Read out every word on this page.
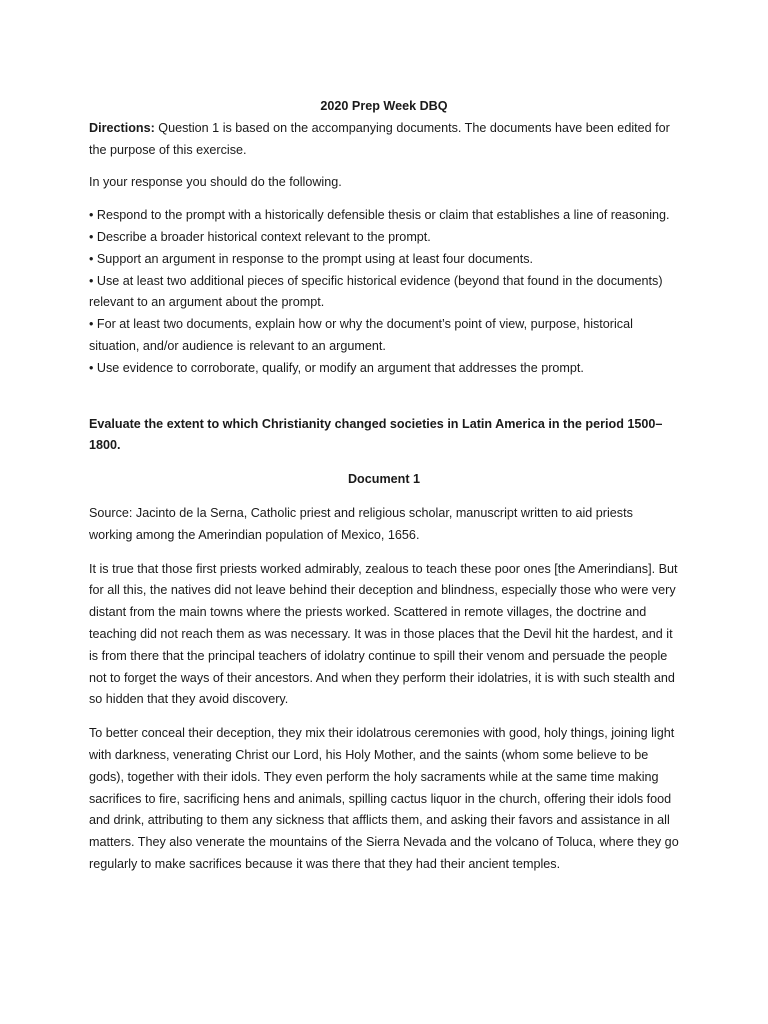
2020 Prep Week DBQ

Directions: Question 1 is based on the accompanying documents. The documents have been edited for the purpose of this exercise.

In your response you should do the following.

• Respond to the prompt with a historically defensible thesis or claim that establishes a line of reasoning.
• Describe a broader historical context relevant to the prompt.
• Support an argument in response to the prompt using at least four documents.
• Use at least two additional pieces of specific historical evidence (beyond that found in the documents) relevant to an argument about the prompt.
• For at least two documents, explain how or why the document’s point of view, purpose, historical situation, and/or audience is relevant to an argument.
• Use evidence to corroborate, qualify, or modify an argument that addresses the prompt.

Evaluate the extent to which Christianity changed societies in Latin America in the period 1500–1800.

Document 1

Source: Jacinto de la Serna, Catholic priest and religious scholar, manuscript written to aid priests working among the Amerindian population of Mexico, 1656.

It is true that those first priests worked admirably, zealous to teach these poor ones [the Amerindians]. But for all this, the natives did not leave behind their deception and blindness, especially those who were very distant from the main towns where the priests worked. Scattered in remote villages, the doctrine and teaching did not reach them as was necessary. It was in those places that the Devil hit the hardest, and it is from there that the principal teachers of idolatry continue to spill their venom and persuade the people not to forget the ways of their ancestors. And when they perform their idolatries, it is with such stealth and so hidden that they avoid discovery.

To better conceal their deception, they mix their idolatrous ceremonies with good, holy things, joining light with darkness, venerating Christ our Lord, his Holy Mother, and the saints (whom some believe to be gods), together with their idols. They even perform the holy sacraments while at the same time making sacrifices to fire, sacrificing hens and animals, spilling cactus liquor in the church, offering their idols food and drink, attributing to them any sickness that afflicts them, and asking their favors and assistance in all matters. They also venerate the mountains of the Sierra Nevada and the volcano of Toluca, where they go regularly to make sacrifices because it was there that they had their ancient temples.
